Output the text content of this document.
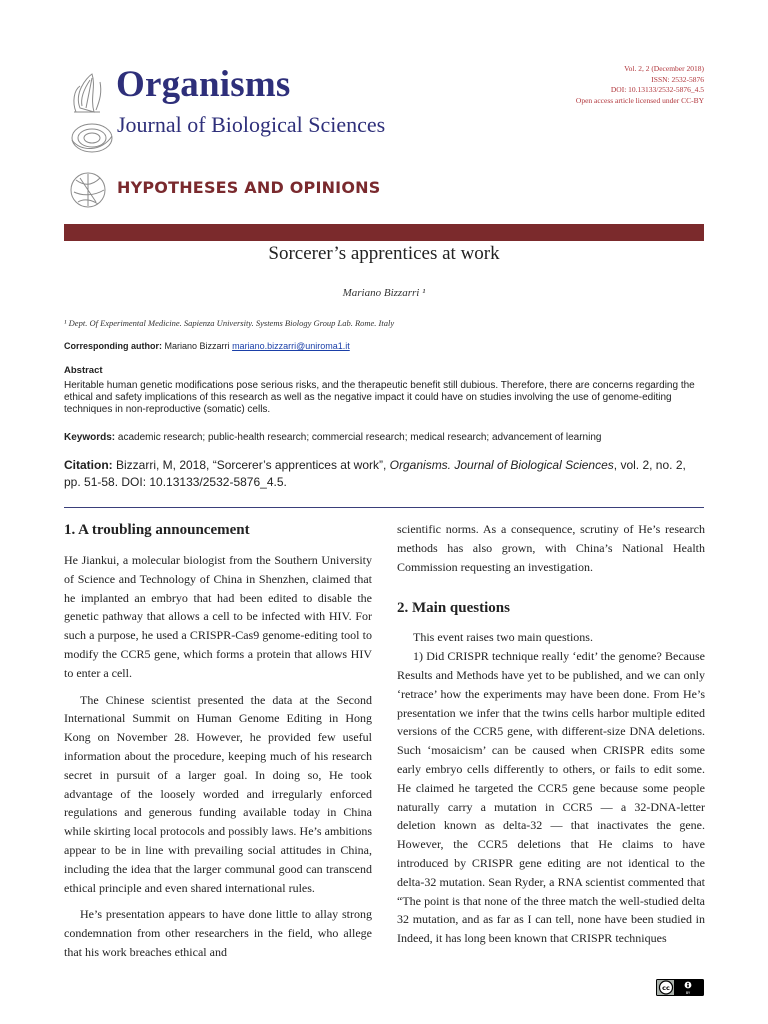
Organisms
Journal of Biological Sciences
HYPOTHESES AND OPINIONS
Vol. 2, 2 (December 2018)
ISSN: 2532-5876
DOI: 10.13133/2532-5876_4.5
Open access article licensed under CC-BY
Sorcerer’s apprentices at work
Mariano Bizzarri ¹
¹ Dept. Of Experimental Medicine. Sapienza University. Systems Biology Group Lab. Rome. Italy
Corresponding author: Mariano Bizzarri mariano.bizzarri@uniroma1.it
Abstract
Heritable human genetic modifications pose serious risks, and the therapeutic benefit still dubious. Therefore, there are concerns regarding the ethical and safety implications of this research as well as the negative impact it could have on studies involving the use of genome-editing techniques in non-reproductive (somatic) cells.
Keywords: academic research; public-health research; commercial research; medical research; advancement of learning
Citation: Bizzarri, M, 2018, “Sorcerer’s apprentices at work”, Organisms. Journal of Biological Sciences, vol. 2, no. 2, pp. 51-58. DOI: 10.13133/2532-5876_4.5.
1. A troubling announcement

He Jiankui, a molecular biologist from the Southern University of Science and Technology of China in Shenzhen, claimed that he implanted an embryo that had been edited to disable the genetic pathway that allows a cell to be infected with HIV. For such a purpose, he used a CRISPR-Cas9 genome-editing tool to modify the CCR5 gene, which forms a protein that allows HIV to enter a cell.

The Chinese scientist presented the data at the Second International Summit on Human Genome Editing in Hong Kong on November 28. However, he provided few useful information about the procedure, keeping much of his research secret in pursuit of a larger goal. In doing so, He took advantage of the loosely worded and irregularly enforced regulations and generous funding available today in China while skirting local protocols and possibly laws. He’s ambitions appear to be in line with prevailing social attitudes in China, including the idea that the larger communal good can transcend ethical principle and even shared international rules.

He’s presentation appears to have done little to allay strong condemnation from other researchers in the field, who allege that his work breaches ethical and

scientific norms. As a consequence, scrutiny of He’s research methods has also grown, with China’s National Health Commission requesting an investigation.

2. Main questions

This event raises two main questions.

1) Did CRISPR technique really ‘edit’ the genome? Because Results and Methods have yet to be published, and we can only ‘retrace’ how the experiments may have been done. From He’s presentation we infer that the twins cells harbor multiple edited versions of the CCR5 gene, with different-size DNA deletions. Such ‘mosaicism’ can be caused when CRISPR edits some early embryo cells differently to others, or fails to edit some. He claimed he targeted the CCR5 gene because some people naturally carry a mutation in CCR5 — a 32-DNA-letter deletion known as delta-32 — that inactivates the gene. However, the CCR5 deletions that He claims to have introduced by CRISPR gene editing are not identical to the delta-32 mutation. Sean Ryder, a RNA scientist commented that “The point is that none of the three match the well-studied delta 32 mutation, and as far as I can tell, none have been studied in Indeed, it has long been known that CRISPR techniques

cc
BY
